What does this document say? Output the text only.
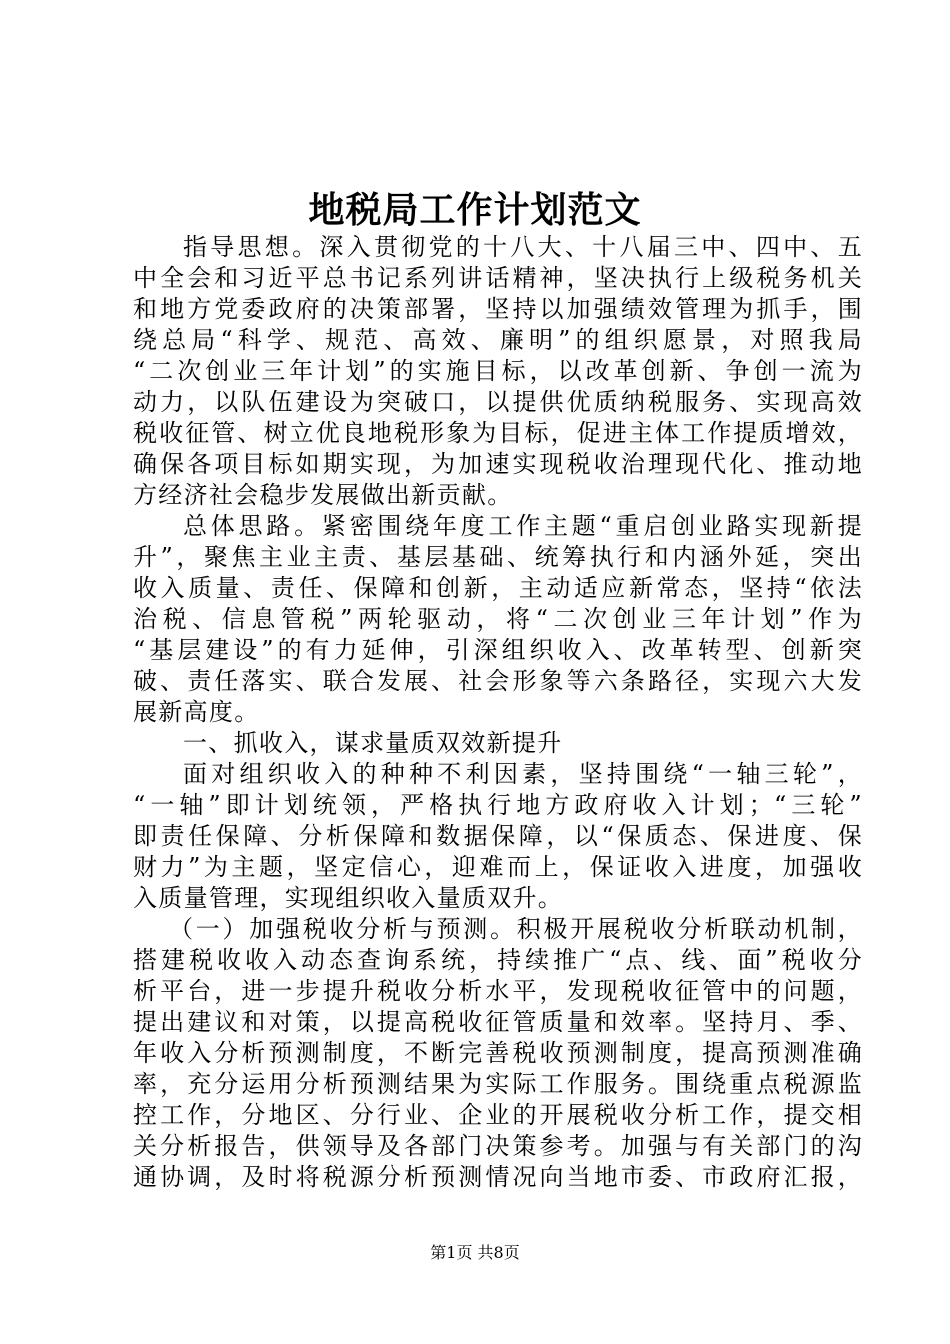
地税局工作计划范文
指导思想。深入贯彻党的十八大、十八届三中、四中、五
中全会和习近平总书记系列讲话精神，坚决执行上级税务机关
和地方党委政府的决策部署，坚持以加强绩效管理为抓手，围
绕总局“科学、规范、高效、廉明”的组织愿景，对照我局
“二次创业三年计划”的实施目标，以改革创新、争创一流为
动力，以队伍建设为突破口，以提供优质纳税服务、实现高效
税收征管、树立优良地税形象为目标，促进主体工作提质增效，
确保各项目标如期实现，为加速实现税收治理现代化、推动地
方经济社会稳步发展做出新贡献。
总体思路。紧密围绕年度工作主题“重启创业路实现新提
升”，聚焦主业主责、基层基础、统筹执行和内涵外延，突出
收入质量、责任、保障和创新，主动适应新常态，坚持“依法
治税、信息管税”两轮驱动，将“二次创业三年计划”作为
“基层建设”的有力延伸，引深组织收入、改革转型、创新突
破、责任落实、联合发展、社会形象等六条路径，实现六大发
展新高度。
一、抓收入，谋求量质双效新提升
面对组织收入的种种不利因素，坚持围绕“一轴三轮”，
“一轴”即计划统领，严格执行地方政府收入计划；“三轮”
即责任保障、分析保障和数据保障，以“保质态、保进度、保
财力”为主题，坚定信心，迎难而上，保证收入进度，加强收
入质量管理，实现组织收入量质双升。
（一）加强税收分析与预测。积极开展税收分析联动机制，
搭建税收收入动态查询系统，持续推广“点、线、面”税收分
析平台，进一步提升税收分析水平，发现税收征管中的问题，
提出建议和对策，以提高税收征管质量和效率。坚持月、季、
年收入分析预测制度，不断完善税收预测制度，提高预测准确
率，充分运用分析预测结果为实际工作服务。围绕重点税源监
控工作，分地区、分行业、企业的开展税收分析工作，提交相
关分析报告，供领导及各部门决策参考。加强与有关部门的沟
通协调，及时将税源分析预测情况向当地市委、市政府汇报，
第1页 共8页
